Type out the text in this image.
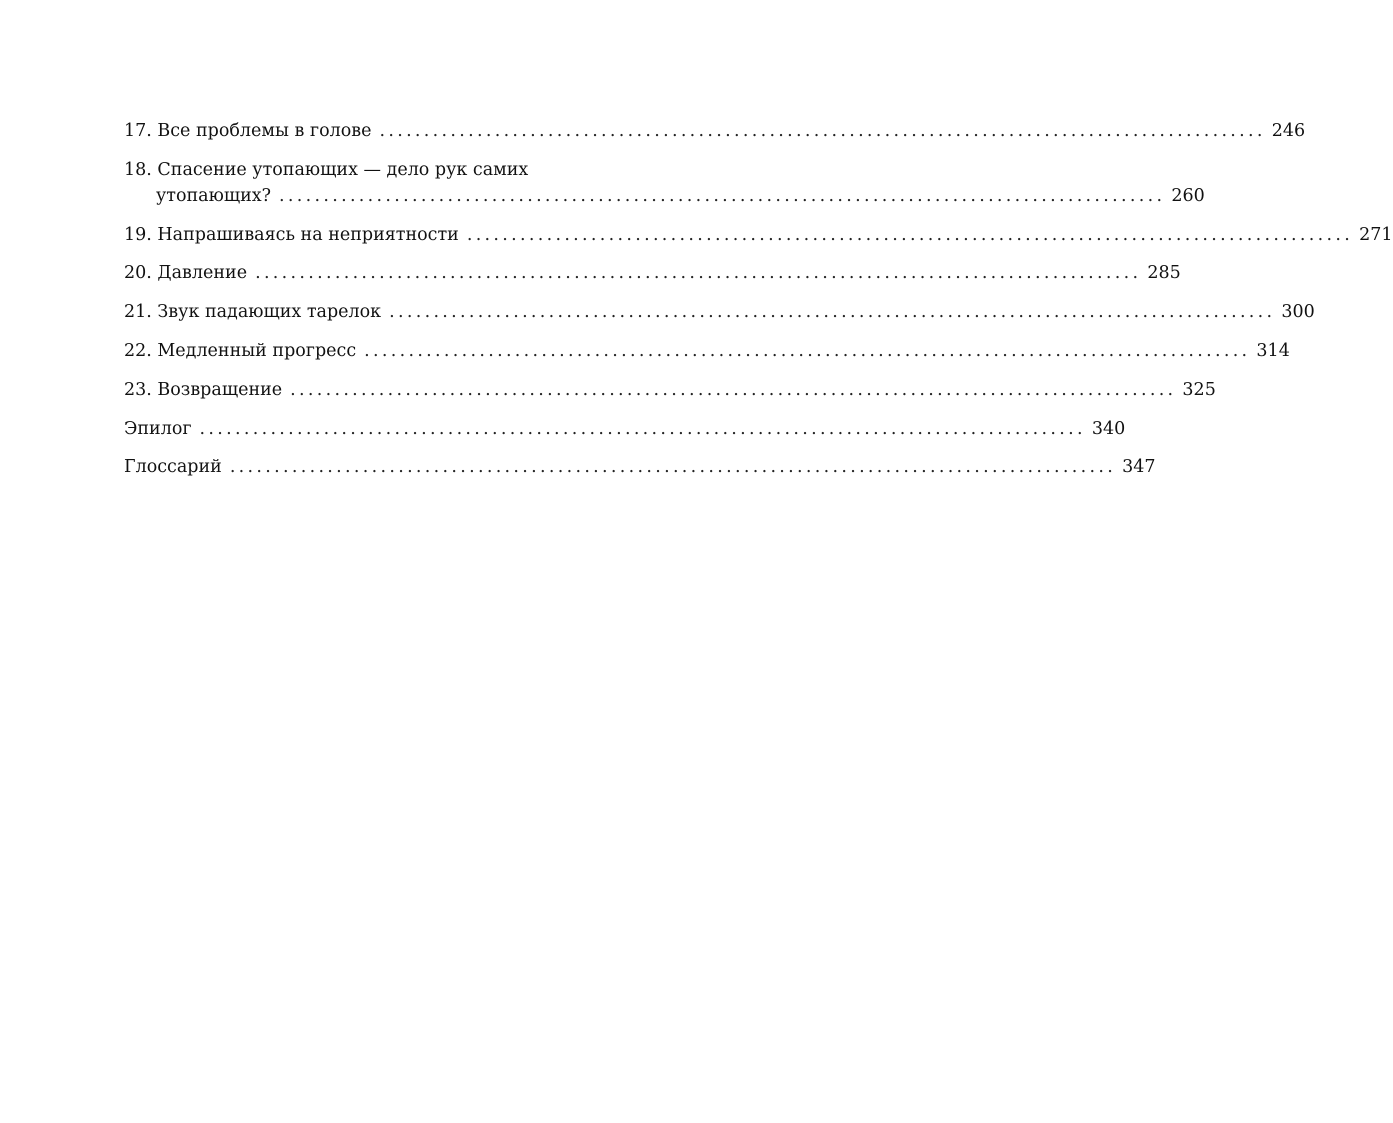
17. Все проблемы в голове .................................................................................................... 246
18. Спасение утопающих — дело рук самих
утопающих? .................................................................................................... 260
19. Напрашиваясь на неприятности .................................................................................................... 271
20. Давление .................................................................................................... 285
21. Звук падающих тарелок .................................................................................................... 300
22. Медленный прогресс .................................................................................................... 314
23. Возвращение .................................................................................................... 325
Эпилог .................................................................................................... 340
Глоссарий .................................................................................................... 347
